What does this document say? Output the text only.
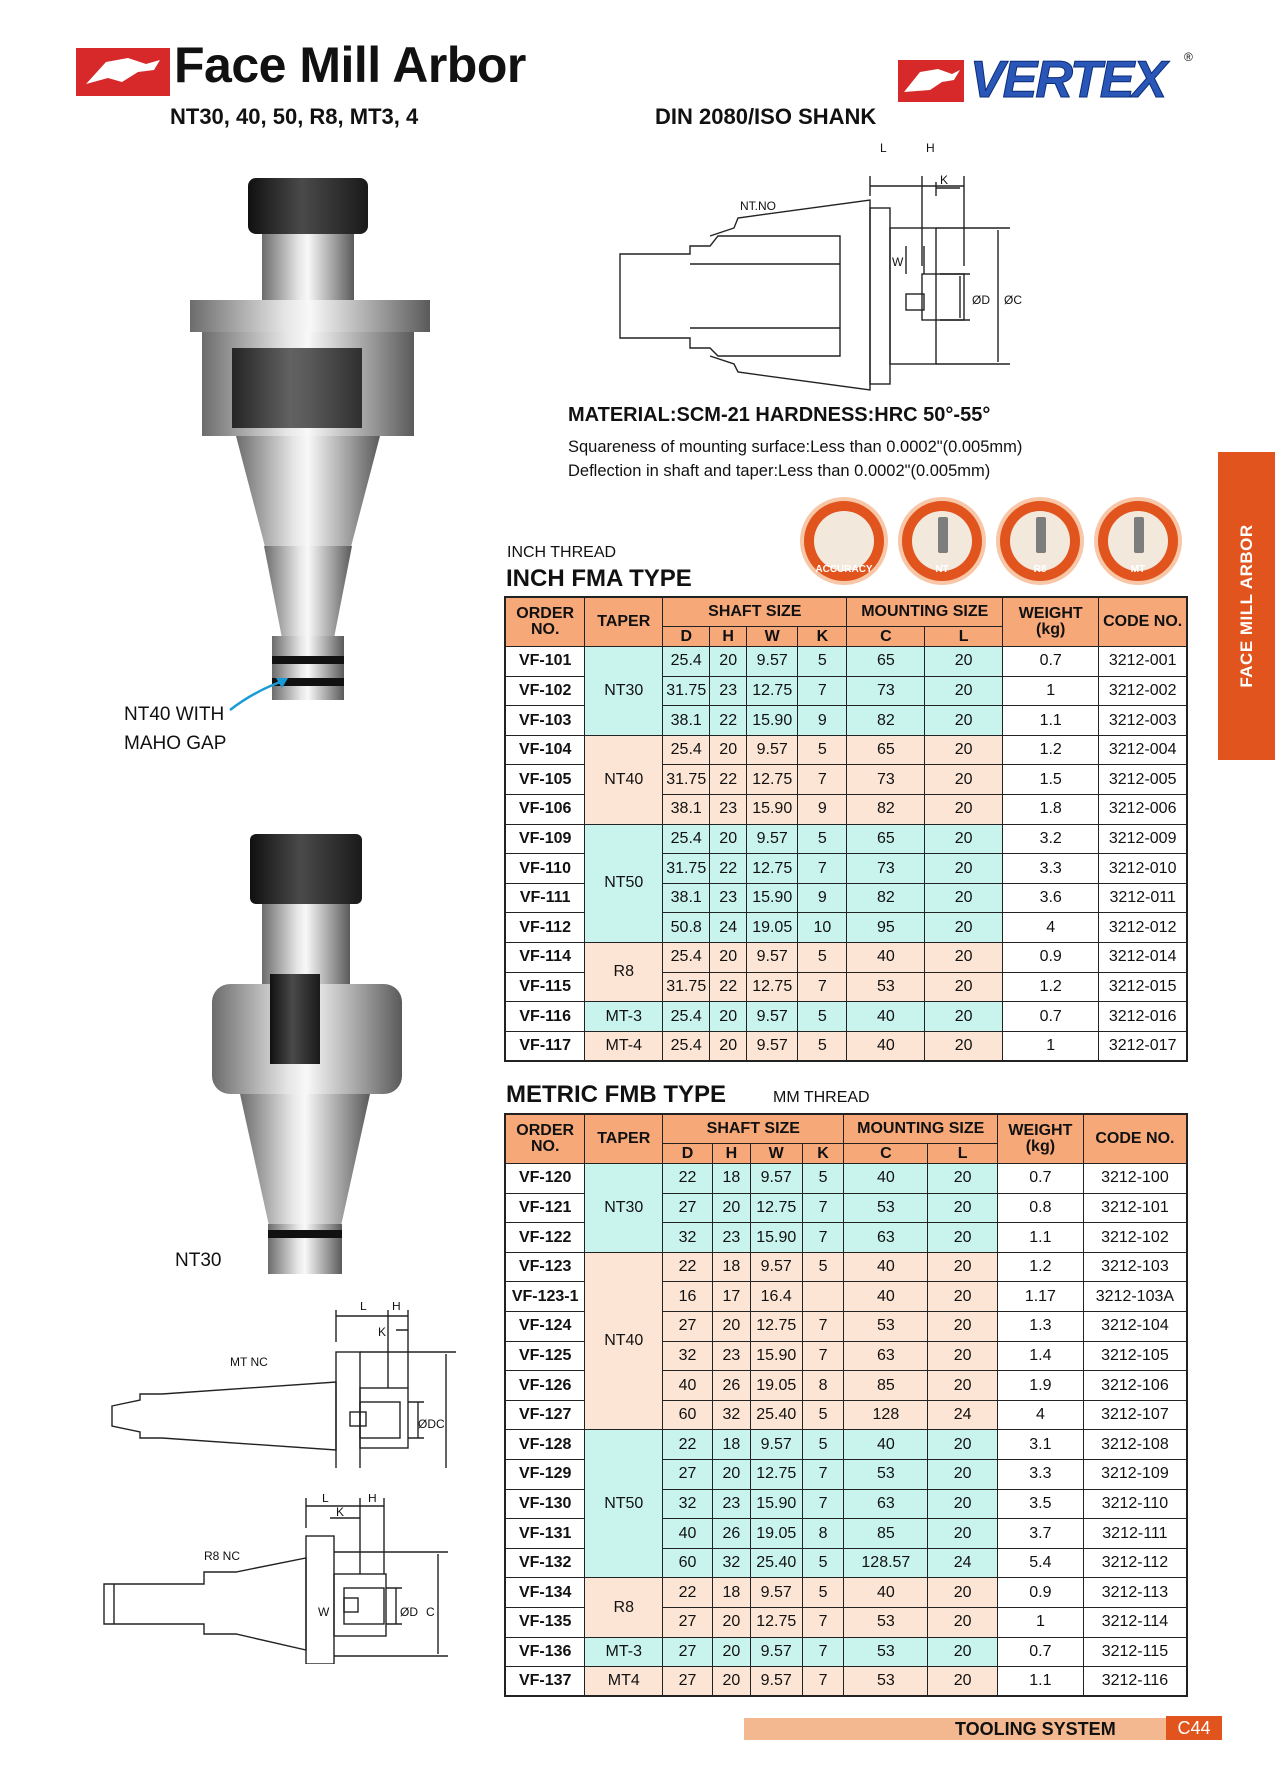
Face Mill Arbor
NT30, 40, 50, R8, MT3, 4	DIN 2080/ISO SHANK
VERTEX ®
L	H
K
NT.NO
W
ØD ØC
MATERIAL:SCM-21 HARDNESS:HRC 50°-55°
Squareness of mounting surface:Less than 0.0002"(0.005mm)
Deflection in shaft and taper:Less than 0.0002"(0.005mm)
FACE MILL ARBOR
ACCURACY	NT	R8	MT
NT40 WITH
MAHO GAP
NT30
L H
K
MT NC
ØD C
L	H
K
R8 NC
W	ØD C
INCH THREAD
INCH FMA TYPE
ORDER NO.	TAPER	SHAFT SIZE				MOUNTING SIZE		WEIGHT (kg)	CODE NO.
		D	H	W	K	C	L		
VF-101	NT30	25.4	20	9.57	5	65	20	0.7	3212-001
VF-102		31.75	23	12.75	7	73	20	1	3212-002
VF-103		38.1	22	15.90	9	82	20	1.1	3212-003
VF-104	NT40	25.4	20	9.57	5	65	20	1.2	3212-004
VF-105		31.75	22	12.75	7	73	20	1.5	3212-005
VF-106		38.1	23	15.90	9	82	20	1.8	3212-006
VF-109	NT50	25.4	20	9.57	5	65	20	3.2	3212-009
VF-110		31.75	22	12.75	7	73	20	3.3	3212-010
VF-111		38.1	23	15.90	9	82	20	3.6	3212-011
VF-112		50.8	24	19.05	10	95	20	4	3212-012
VF-114	R8	25.4	20	9.57	5	40	20	0.9	3212-014
VF-115		31.75	22	12.75	7	53	20	1.2	3212-015
VF-116	MT-3	25.4	20	9.57	5	40	20	0.7	3212-016
VF-117	MT-4	25.4	20	9.57	5	40	20	1	3212-017
METRIC FMB TYPE	MM THREAD
ORDER NO.	TAPER	SHAFT SIZE				MOUNTING SIZE		WEIGHT (kg)	CODE NO.
		D	H	W	K	C	L		
VF-120	NT30	22	18	9.57	5	40	20	0.7	3212-100
VF-121		27	20	12.75	7	53	20	0.8	3212-101
VF-122		32	23	15.90	7	63	20	1.1	3212-102
VF-123	NT40	22	18	9.57	5	40	20	1.2	3212-103
VF-123-1		16	17	16.4		40	20	1.17	3212-103A
VF-124		27	20	12.75	7	53	20	1.3	3212-104
VF-125		32	23	15.90	7	63	20	1.4	3212-105
VF-126		40	26	19.05	8	85	20	1.9	3212-106
VF-127		60	32	25.40	5	128	24	4	3212-107
VF-128	NT50	22	18	9.57	5	40	20	3.1	3212-108
VF-129		27	20	12.75	7	53	20	3.3	3212-109
VF-130		32	23	15.90	7	63	20	3.5	3212-110
VF-131		40	26	19.05	8	85	20	3.7	3212-111
VF-132		60	32	25.40	5	128.57	24	5.4	3212-112
VF-134	R8	22	18	9.57	5	40	20	0.9	3212-113
VF-135		27	20	12.75	7	53	20	1	3212-114
VF-136	MT-3	27	20	9.57	7	53	20	0.7	3212-115
VF-137	MT4	27	20	9.57	7	53	20	1.1	3212-116
TOOLING SYSTEM	C44
